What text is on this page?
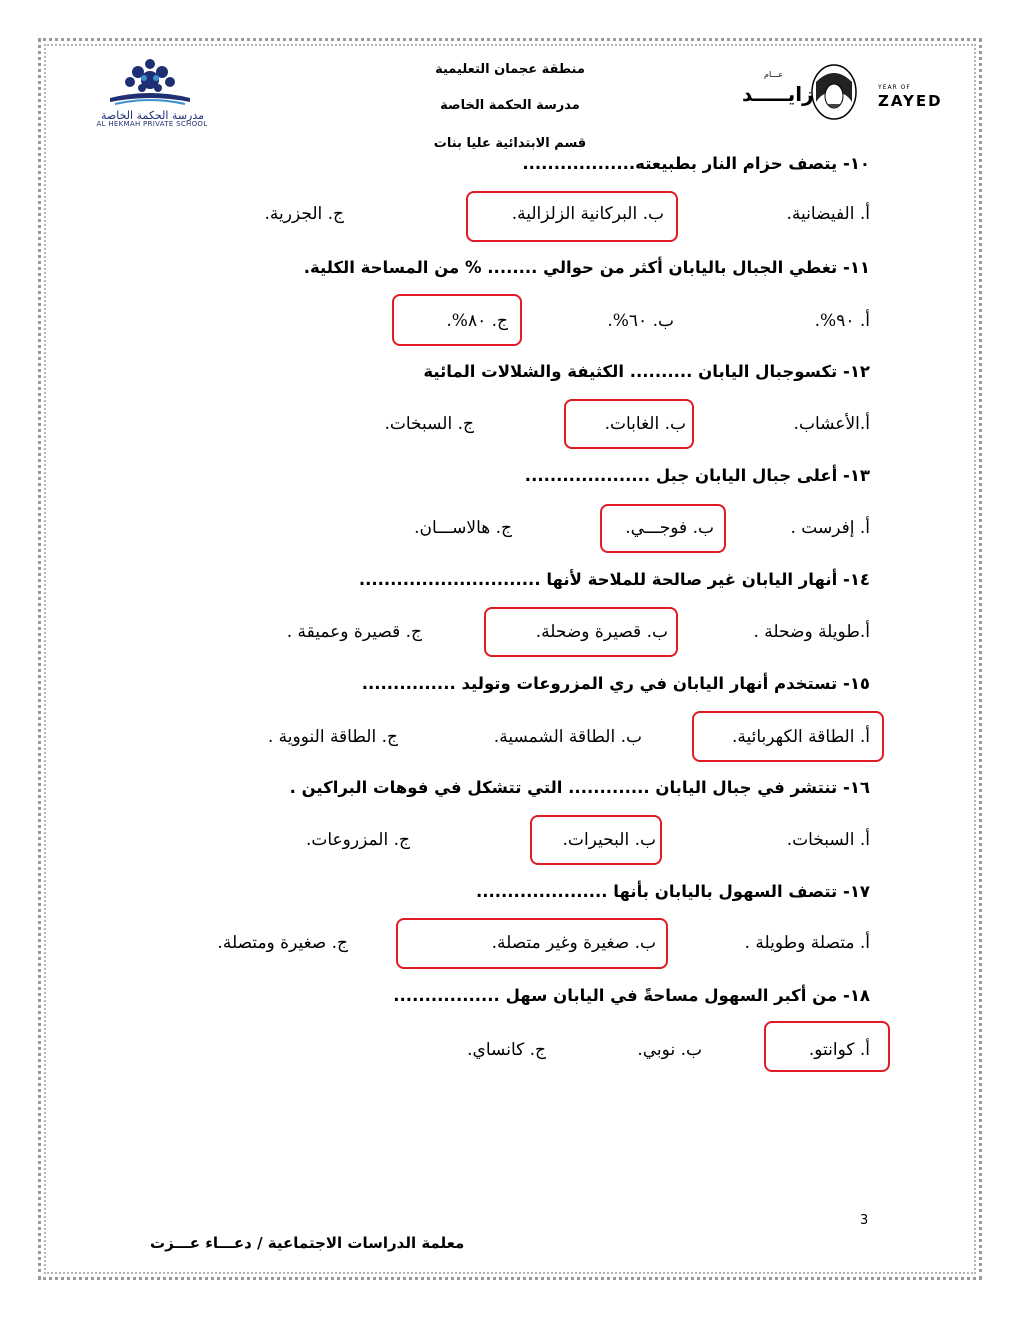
منطقة عجمان التعليمية
مدرسة الحكمة الخاصة
قسم الابتدائية عليا بنات
مدرسة الحكمة الخاصة
AL HEKMAH PRIVATE SCHOOL
YEAR OF
ZAYED
عـــام
زايـــــد
١٠- يتصف حزام النار بطبيعته..................
أ. الفيضانية.
ب. البركانية الزلزالية.
ج. الجزرية.
١١- تغطي الجبال باليابان أكثر من حوالي ........ % من المساحة الكلية.
أ. ٩٠%.
ب. ٦٠%.
ج. ٨٠%.
١٢- تكسوجبال اليابان .......... الكثيفة والشلالات المائية
أ.الأعشاب.
ب. الغابات.
ج. السبخات.
١٣- أعلى جبال اليابان جبل ....................
أ. إفرست .
ب. فوجـــي.
ج. هالاســـان.
١٤- أنهار اليابان غير صالحة للملاحة لأنها .............................
أ.طويلة وضحلة .
ب. قصيرة وضحلة.
ج. قصيرة وعميقة .
١٥- تستخدم أنهار اليابان في ري المزروعات وتوليد ...............
أ. الطاقة الكهربائية.
ب. الطاقة الشمسية.
ج. الطاقة النووية .
١٦- تنتشر في جبال اليابان ............. التي تتشكل في فوهات البراكين .
أ. السبخات.
ب. البحيرات.
ج. المزروعات.
١٧- تتصف السهول باليابان بأنها .....................
أ. متصلة وطويلة .
ب. صغيرة وغير متصلة.
ج. صغيرة ومتصلة.
١٨- من أكبر السهول مساحةً في اليابان سهل .................
أ. كوانتو.
ب. نوبي.
ج. كانساي.
3
معلمة الدراسات الاجتماعية / دعـــاء عـــزت
